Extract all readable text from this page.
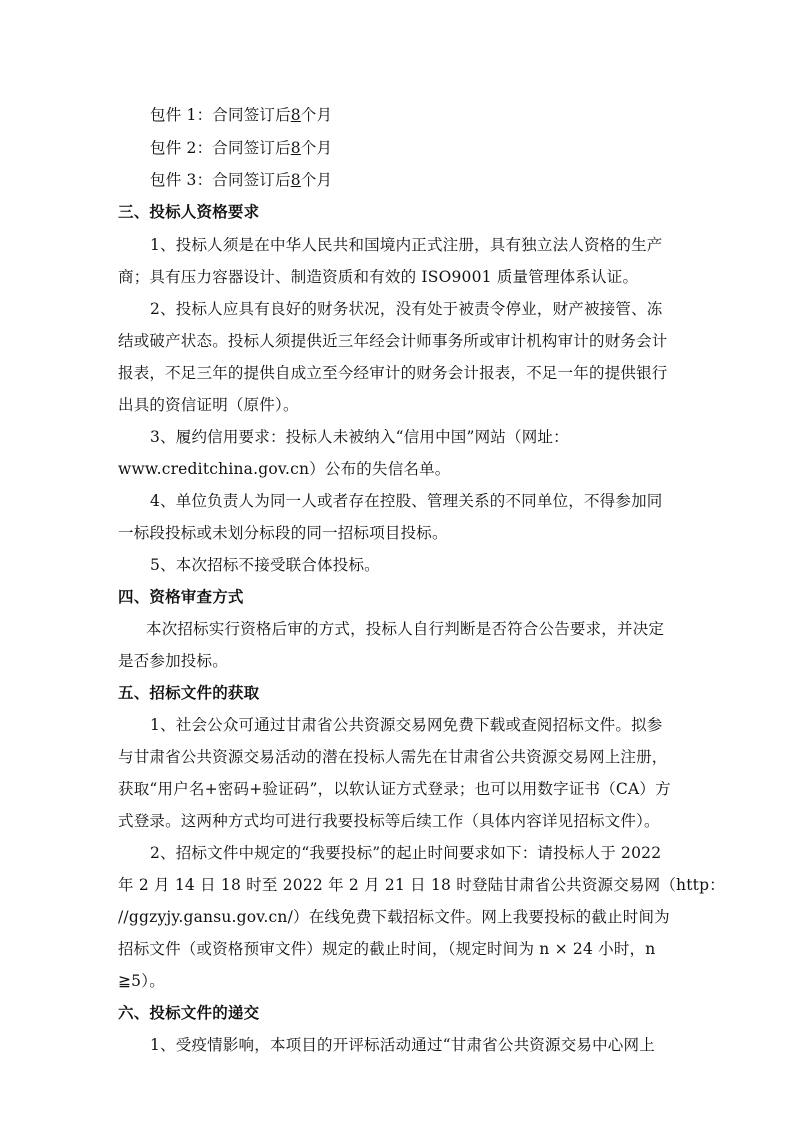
包件 1：合同签订后8个月
包件 2：合同签订后8个月
包件 3：合同签订后8个月
三、投标人资格要求
1、投标人须是在中华人民共和国境内正式注册，具有独立法人资格的生产
商；具有压力容器设计、制造资质和有效的 ISO9001 质量管理体系认证。
2、投标人应具有良好的财务状况，没有处于被责令停业，财产被接管、冻
结或破产状态。投标人须提供近三年经会计师事务所或审计机构审计的财务会计
报表，不足三年的提供自成立至今经审计的财务会计报表，不足一年的提供银行
出具的资信证明（原件）。
3、履约信用要求：投标人未被纳入“信用中国”网站（网址：
www.creditchina.gov.cn）公布的失信名单。
4、单位负责人为同一人或者存在控股、管理关系的不同单位，不得参加同
一标段投标或未划分标段的同一招标项目投标。
5、本次招标不接受联合体投标。
四、资格审查方式
本次招标实行资格后审的方式，投标人自行判断是否符合公告要求，并决定
是否参加投标。
五、招标文件的获取
1、社会公众可通过甘肃省公共资源交易网免费下载或查阅招标文件。拟参
与甘肃省公共资源交易活动的潜在投标人需先在甘肃省公共资源交易网上注册，
获取“用户名+密码+验证码”，以软认证方式登录；也可以用数字证书（CA）方
式登录。这两种方式均可进行我要投标等后续工作（具体内容详见招标文件）。
2、招标文件中规定的“我要投标”的起止时间要求如下：请投标人于 2022
年 2 月 14 日 18 时至 2022 年 2 月 21 日 18 时登陆甘肃省公共资源交易网（http：
//ggzyjy.gansu.gov.cn/）在线免费下载招标文件。网上我要投标的截止时间为
招标文件（或资格预审文件）规定的截止时间，（规定时间为 n × 24 小时，n
≧5）。
六、投标文件的递交
1、受疫情影响，本项目的开评标活动通过“甘肃省公共资源交易中心网上
